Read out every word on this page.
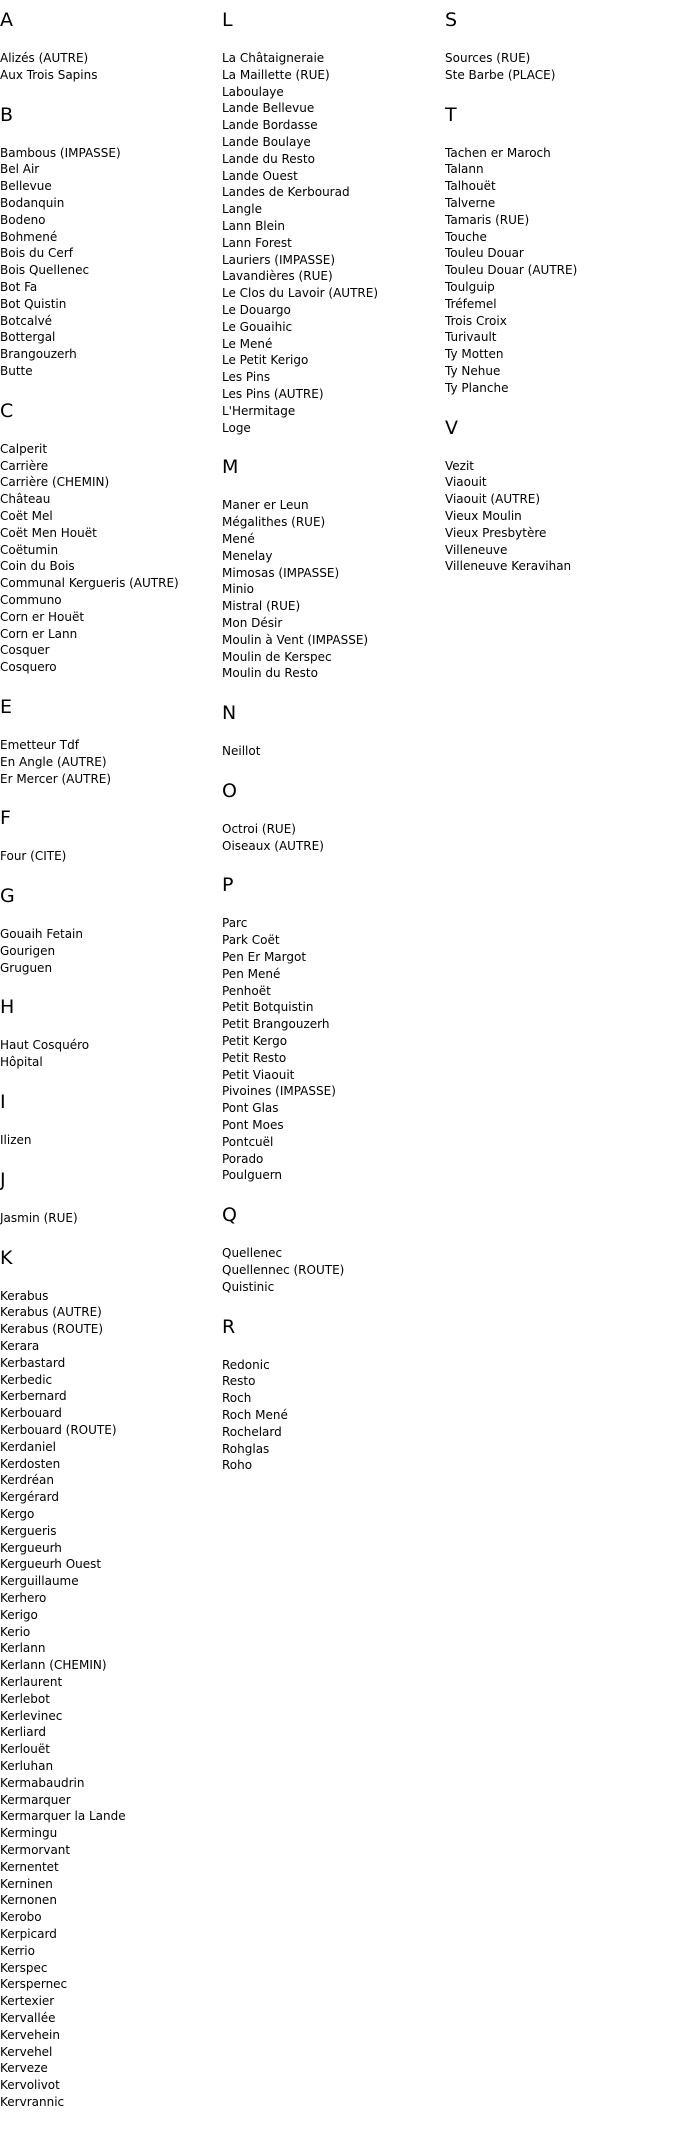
A
Alizés (AUTRE)
Aux Trois Sapins
B
Bambous (IMPASSE)
Bel Air
Bellevue
Bodanquin
Bodeno
Bohmené
Bois du Cerf
Bois Quellenec
Bot Fa
Bot Quistin
Botcalvé
Bottergal
Brangouzerh
Butte
C
Calperit
Carrière
Carrière (CHEMIN)
Château
Coët Mel
Coët Men Houët
Coëtumin
Coin du Bois
Communal Kergueris (AUTRE)
Communo
Corn er Houët
Corn er Lann
Cosquer
Cosquero
E
Emetteur Tdf
En Angle (AUTRE)
Er Mercer (AUTRE)
F
Four (CITE)
G
Gouaih Fetain
Gourigen
Gruguen
H
Haut Cosquéro
Hôpital
I
Ilizen
J
Jasmin (RUE)
K
Kerabus
Kerabus (AUTRE)
Kerabus (ROUTE)
Kerara
Kerbastard
Kerbedic
Kerbernard
Kerbouard
Kerbouard (ROUTE)
Kerdaniel
Kerdosten
Kerdréan
Kergérard
Kergo
Kergueris
Kergueurh
Kergueurh Ouest
Kerguillaume
Kerhero
Kerigo
Kerio
Kerlann
Kerlann (CHEMIN)
Kerlaurent
Kerlebot
Kerlevinec
Kerliard
Kerlouët
Kerluhan
Kermabaudrin
Kermarquer
Kermarquer la Lande
Kermingu
Kermorvant
Kernentet
Kerninen
Kernonen
Kerobo
Kerpicard
Kerrio
Kerspec
Kerspernec
Kertexier
Kervallée
Kervehein
Kervehel
Kerveze
Kervolivot
Kervrannic
L
La Châtaigneraie
La Maillette (RUE)
Laboulaye
Lande Bellevue
Lande Bordasse
Lande Boulaye
Lande du Resto
Lande Ouest
Landes de Kerbourad
Langle
Lann Blein
Lann Forest
Lauriers (IMPASSE)
Lavandières (RUE)
Le Clos du Lavoir (AUTRE)
Le Douargo
Le Gouaihic
Le Mené
Le Petit Kerigo
Les Pins
Les Pins (AUTRE)
L'Hermitage
Loge
M
Maner er Leun
Mégalithes (RUE)
Mené
Menelay
Mimosas (IMPASSE)
Minio
Mistral (RUE)
Mon Désir
Moulin à Vent (IMPASSE)
Moulin de Kerspec
Moulin du Resto
N
Neillot
O
Octroi (RUE)
Oiseaux (AUTRE)
P
Parc
Park Coët
Pen Er Margot
Pen Mené
Penhoët
Petit Botquistin
Petit Brangouzerh
Petit Kergo
Petit Resto
Petit Viaouit
Pivoines (IMPASSE)
Pont Glas
Pont Moes
Pontcuël
Porado
Poulguern
Q
Quellenec
Quellennec (ROUTE)
Quistinic
R
Redonic
Resto
Roch
Roch Mené
Rochelard
Rohglas
Roho
S
Sources (RUE)
Ste Barbe (PLACE)
T
Tachen er Maroch
Talann
Talhouët
Talverne
Tamaris (RUE)
Touche
Touleu Douar
Touleu Douar (AUTRE)
Toulguip
Tréfemel
Trois Croix
Turivault
Ty Motten
Ty Nehue
Ty Planche
V
Vezit
Viaouit
Viaouit (AUTRE)
Vieux Moulin
Vieux Presbytère
Villeneuve
Villeneuve Keravihan
